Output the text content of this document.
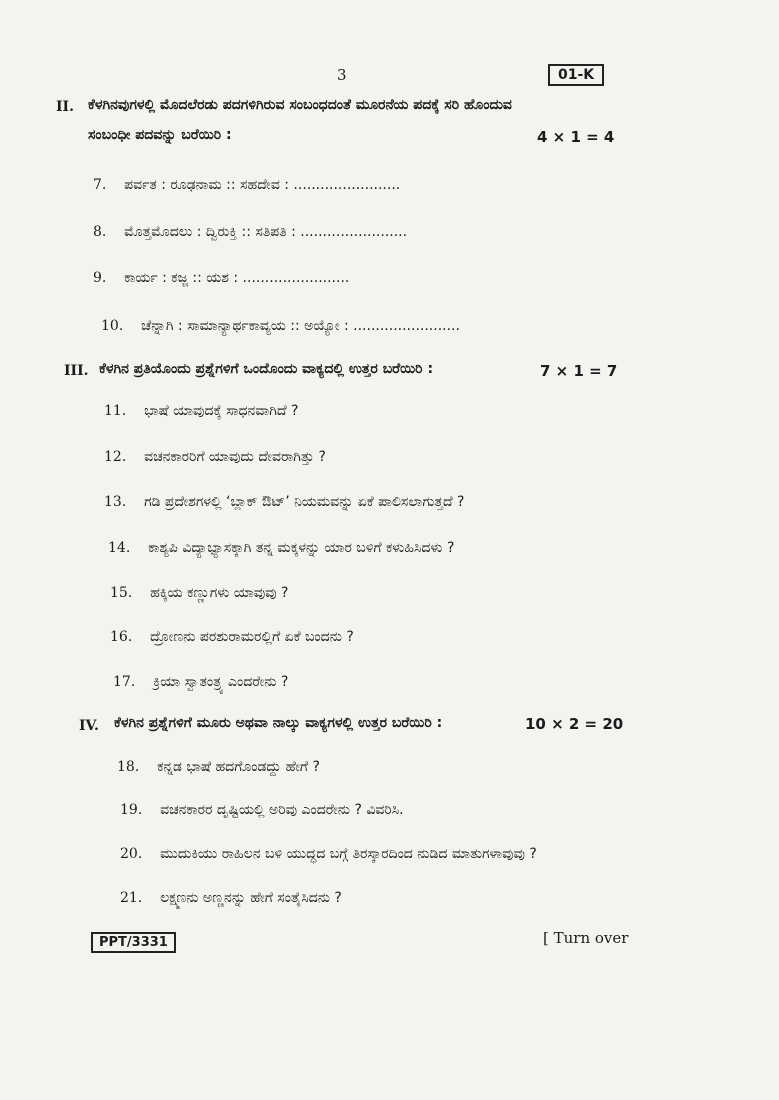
3	01-K
II. ಕೆಳಗಿನವುಗಳಲ್ಲಿ ಮೊದಲೆರಡು ಪದಗಳಿಗಿರುವ ಸಂಬಂಧದಂತೆ ಮೂರನೆಯ ಪದಕ್ಕೆ ಸರಿ ಹೊಂದುವ
ಸಂಬಂಧೀ ಪದವನ್ನು ಬರೆಯಿರಿ :	4 × 1 = 4
7. ಪರ್ವತ : ರೂಢನಾಮ :: ಸಹದೇವ : ........................
8. ಮೊತ್ತಮೊದಲು : ದ್ವಿರುಕ್ತಿ :: ಸತಿಪತಿ : ........................
9. ಕಾರ್ಯ : ಕಜ್ಜ :: ಯಶ : ........................
10. ಚೆನ್ನಾಗಿ : ಸಾಮಾನ್ಯಾರ್ಥಕಾವ್ಯಯ :: ಅಯ್ಯೋ : ........................
III. ಕೆಳಗಿನ ಪ್ರತಿಯೊಂದು ಪ್ರಶ್ನೆಗಳಿಗೆ ಒಂದೊಂದು ವಾಕ್ಯದಲ್ಲಿ ಉತ್ತರ ಬರೆಯಿರಿ :	7 × 1 = 7
11. ಭಾಷೆ ಯಾವುದಕ್ಕೆ ಸಾಧನವಾಗಿದೆ ?
12. ವಚನಕಾರರಿಗೆ ಯಾವುದು ದೇವರಾಗಿತ್ತು ?
13. ಗಡಿ ಪ್ರದೇಶಗಳಲ್ಲಿ ‘ಬ್ಲಾಕ್ ಔಟ್’ ನಿಯಮವನ್ನು ಏಕೆ ಪಾಲಿಸಲಾಗುತ್ತದೆ ?
14. ಕಾಶ್ಯಪಿ ವಿದ್ಯಾಭ್ಯಾಸಕ್ಕಾಗಿ ತನ್ನ ಮಕ್ಕಳನ್ನು ಯಾರ ಬಳಿಗೆ ಕಳುಹಿಸಿದಳು ?
15. ಹಕ್ಕಿಯ ಕಣ್ಣುಗಳು ಯಾವುವು ?
16. ದ್ರೋಣನು ಪರಶುರಾಮರಲ್ಲಿಗೆ ಏಕೆ ಬಂದನು ?
17. ಕ್ರಿಯಾ ಸ್ವಾತಂತ್ರ್ಯ ಎಂದರೇನು ?
IV. ಕೆಳಗಿನ ಪ್ರಶ್ನೆಗಳಿಗೆ ಮೂರು ಅಥವಾ ನಾಲ್ಕು ವಾಕ್ಯಗಳಲ್ಲಿ ಉತ್ತರ ಬರೆಯಿರಿ :	10 × 2 = 20
18. ಕನ್ನಡ ಭಾಷೆ ಹದಗೊಂಡದ್ದು ಹೇಗೆ ?
19. ವಚನಕಾರರ ದೃಷ್ಟಿಯಲ್ಲಿ ಅರಿವು ಎಂದರೇನು ? ವಿವರಿಸಿ.
20. ಮುದುಕಿಯು ರಾಹಿಲನ ಬಳಿ ಯುದ್ಧದ ಬಗ್ಗೆ ತಿರಸ್ಕಾರದಿಂದ ನುಡಿದ ಮಾತುಗಳಾವುವು ?
21. ಲಕ್ಷ್ಮಣನು ಅಣ್ಣನನ್ನು ಹೇಗೆ ಸಂತೈಸಿದನು ?
PPT/3331	[ Turn over
